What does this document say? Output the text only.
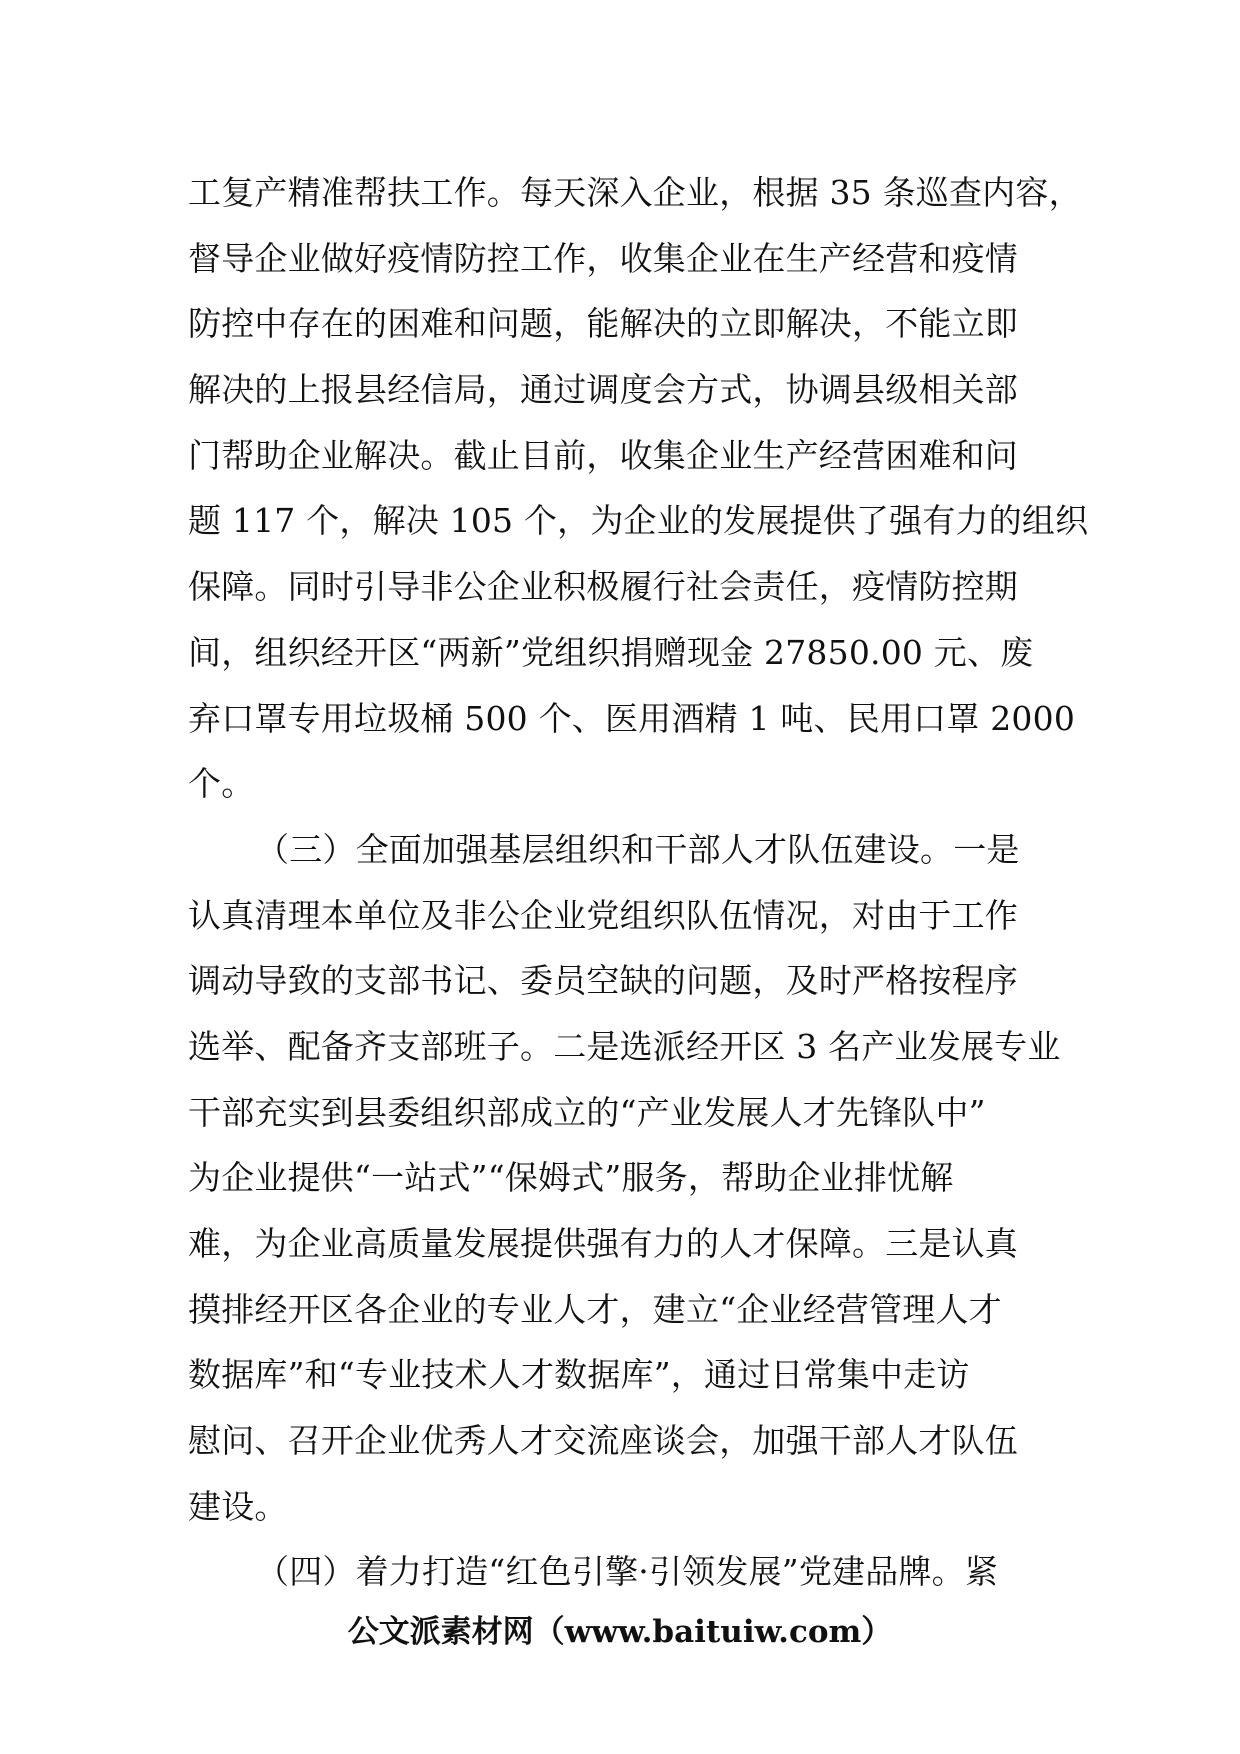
工复产精准帮扶工作。每天深入企业，根据 35 条巡查内容，
督导企业做好疫情防控工作，收集企业在生产经营和疫情
防控中存在的困难和问题，能解决的立即解决，不能立即
解决的上报县经信局，通过调度会方式，协调县级相关部
门帮助企业解决。截止目前，收集企业生产经营困难和问
题 117 个，解决 105 个，为企业的发展提供了强有力的组织
保障。同时引导非公企业积极履行社会责任，疫情防控期
间，组织经开区“两新”党组织捐赠现金 27850.00 元、废
弃口罩专用垃圾桶 500 个、医用酒精 1 吨、民用口罩 2000
个。
（三）全面加强基层组织和干部人才队伍建设。一是
认真清理本单位及非公企业党组织队伍情况，对由于工作
调动导致的支部书记、委员空缺的问题，及时严格按程序
选举、配备齐支部班子。二是选派经开区 3 名产业发展专业
干部充实到县委组织部成立的“产业发展人才先锋队中”
为企业提供“一站式”“保姆式”服务，帮助企业排忧解
难，为企业高质量发展提供强有力的人才保障。三是认真
摸排经开区各企业的专业人才，建立“企业经营管理人才
数据库”和“专业技术人才数据库”，通过日常集中走访
慰问、召开企业优秀人才交流座谈会，加强干部人才队伍
建设。
（四）着力打造“红色引擎·引领发展”党建品牌。紧
公文派素材网（www.baituiw.com）
